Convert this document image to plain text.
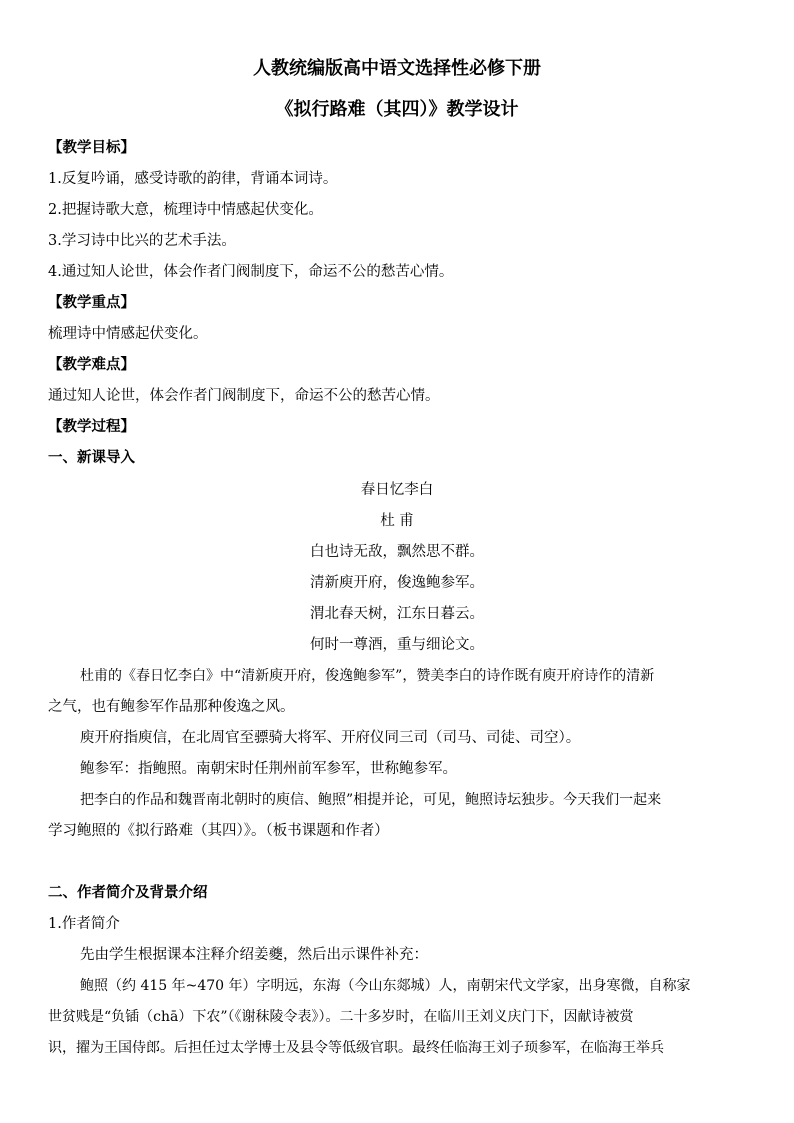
人教统编版高中语文选择性必修下册
《拟行路难（其四）》教学设计
【教学目标】
1.反复吟诵，感受诗歌的韵律，背诵本词诗。
2.把握诗歌大意，梳理诗中情感起伏变化。
3.学习诗中比兴的艺术手法。
4.通过知人论世，体会作者门阀制度下，命运不公的愁苦心情。
【教学重点】
梳理诗中情感起伏变化。
【教学难点】
通过知人论世，体会作者门阀制度下，命运不公的愁苦心情。
【教学过程】
一、新课导入
春日忆李白
杜 甫
白也诗无敌，飘然思不群。
清新庾开府，俊逸鲍参军。
渭北春天树，江东日暮云。
何时一尊酒，重与细论文。
杜甫的《春日忆李白》中“清新庾开府，俊逸鲍参军”，赞美李白的诗作既有庾开府诗作的清新
之气，也有鲍参军作品那种俊逸之风。
庾开府指庾信，在北周官至骠骑大将军、开府仪同三司（司马、司徒、司空）。
鲍参军：指鲍照。南朝宋时任荆州前军参军，世称鲍参军。
把李白的作品和魏晋南北朝时的庾信、鲍照”相提并论，可见，鲍照诗坛独步。今天我们一起来
学习鲍照的《拟行路难（其四）》。（板书课题和作者）
二、作者简介及背景介绍
1.作者简介
先由学生根据课本注释介绍姜夔，然后出示课件补充：
鲍照（约 415 年~470 年）字明远，东海（今山东郯城）人，南朝宋代文学家，出身寒微，自称家
世贫贱是“负锸（chā）下农”（《谢秣陵令表》）。二十多岁时，在临川王刘义庆门下，因献诗被赏
识，擢为王国侍郎。后担任过太学博士及县令等低级官职。最终任临海王刘子顼参军，在临海王举兵
